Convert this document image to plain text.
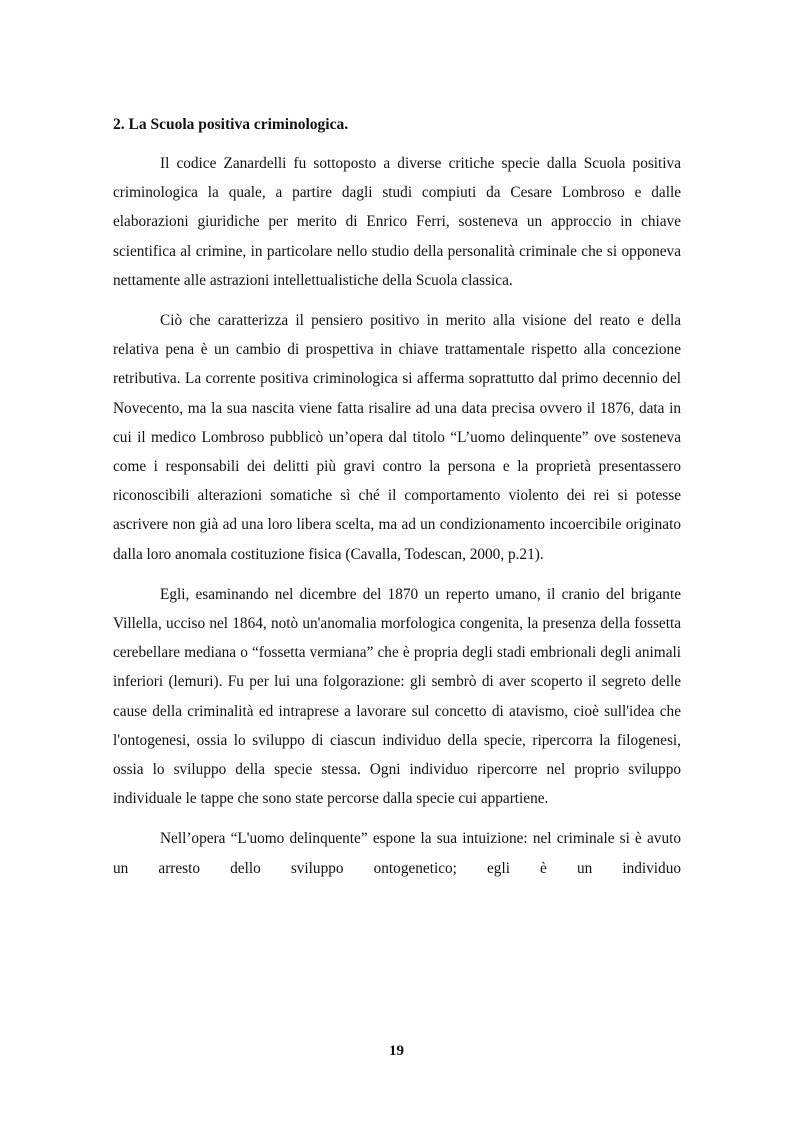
2. La Scuola positiva criminologica.

Il codice Zanardelli fu sottoposto a diverse critiche specie dalla Scuola positiva criminologica la quale, a partire dagli studi compiuti da Cesare Lombroso e dalle elaborazioni giuridiche per merito di Enrico Ferri, sosteneva un approccio in chiave scientifica al crimine, in particolare nello studio della personalità criminale che si opponeva nettamente alle astrazioni intellettualistiche della Scuola classica.

Ciò che caratterizza il pensiero positivo in merito alla visione del reato e della relativa pena è un cambio di prospettiva in chiave trattamentale rispetto alla concezione retributiva. La corrente positiva criminologica si afferma soprattutto dal primo decennio del Novecento, ma la sua nascita viene fatta risalire ad una data precisa ovvero il 1876, data in cui il medico Lombroso pubblicò un’opera dal titolo “L’uomo delinquente” ove sosteneva come i responsabili dei delitti più gravi contro la persona e la proprietà presentassero riconoscibili alterazioni somatiche sì ché il comportamento violento dei rei si potesse ascrivere non già ad una loro libera scelta, ma ad un condizionamento incoercibile originato dalla loro anomala costituzione fisica (Cavalla, Todescan, 2000, p.21).

Egli, esaminando nel dicembre del 1870 un reperto umano, il cranio del brigante Villella, ucciso nel 1864, notò un'anomalia morfologica congenita, la presenza della fossetta cerebellare mediana o “fossetta vermiana” che è propria degli stadi embrionali degli animali inferiori (lemuri). Fu per lui una folgorazione: gli sembrò di aver scoperto il segreto delle cause della criminalità ed intraprese a lavorare sul concetto di atavismo, cioè sull'idea che l'ontogenesi, ossia lo sviluppo di ciascun individuo della specie, ripercorra la filogenesi, ossia lo sviluppo della specie stessa. Ogni individuo ripercorre nel proprio sviluppo individuale le tappe che sono state percorse dalla specie cui appartiene.

Nell’opera “L'uomo delinquente” espone la sua intuizione: nel criminale si è avuto un arresto dello sviluppo ontogenetico; egli è un individuo

19
